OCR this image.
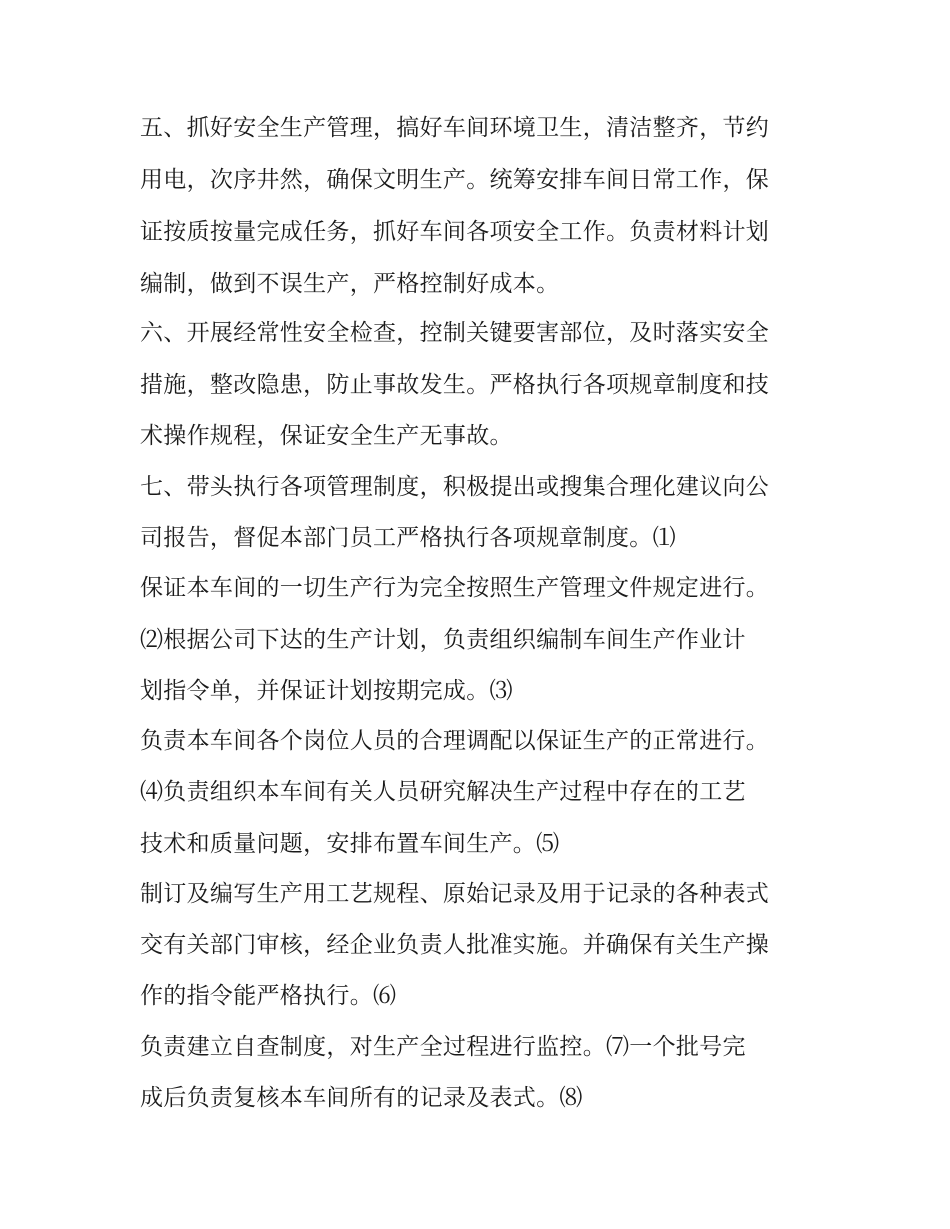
五、抓好安全生产管理，搞好车间环境卫生，清洁整齐，节约
用电，次序井然，确保文明生产。统筹安排车间日常工作，保
证按质按量完成任务，抓好车间各项安全工作。负责材料计划
编制，做到不误生产，严格控制好成本。
六、开展经常性安全检查，控制关键要害部位，及时落实安全
措施，整改隐患，防止事故发生。严格执行各项规章制度和技
术操作规程，保证安全生产无事故。
七、带头执行各项管理制度，积极提出或搜集合理化建议向公
司报告，督促本部门员工严格执行各项规章制度。⑴
保证本车间的一切生产行为完全按照生产管理文件规定进行。
⑵根据公司下达的生产计划，负责组织编制车间生产作业计
划指令单，并保证计划按期完成。⑶
负责本车间各个岗位人员的合理调配以保证生产的正常进行。
⑷负责组织本车间有关人员研究解决生产过程中存在的工艺
技术和质量问题，安排布置车间生产。⑸
制订及编写生产用工艺规程、原始记录及用于记录的各种表式
交有关部门审核，经企业负责人批准实施。并确保有关生产操
作的指令能严格执行。⑹
负责建立自查制度，对生产全过程进行监控。⑺一个批号完
成后负责复核本车间所有的记录及表式。⑻
